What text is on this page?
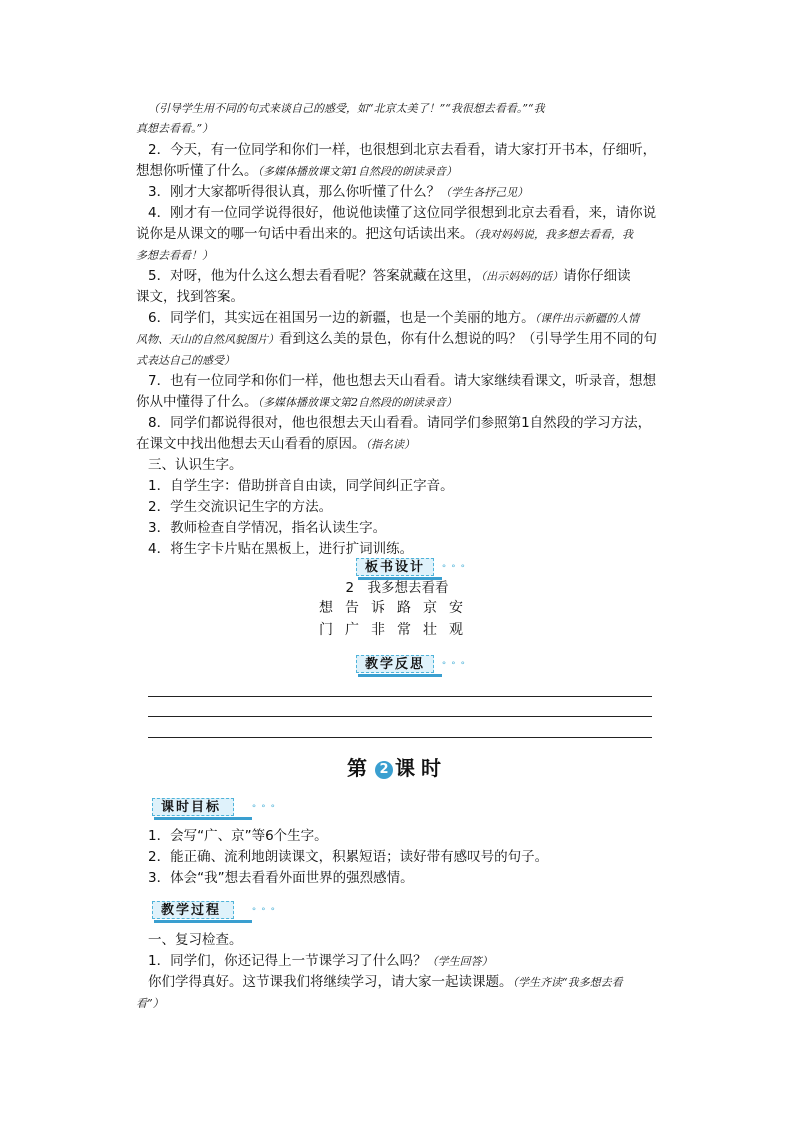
（引导学生用不同的句式来谈自己的感受，如“北京太美了！”“我很想去看看。”“我
真想去看看。”）
2．今天，有一位同学和你们一样，也很想到北京去看看，请大家打开书本，仔细听，
想想你听懂了什么。（多媒体播放课文第1自然段的朗读录音）
3．刚才大家都听得很认真，那么你听懂了什么？（学生各抒己见）
4．刚才有一位同学说得很好，他说他读懂了这位同学很想到北京去看看，来，请你说
说你是从课文的哪一句话中看出来的。把这句话读出来。（我对妈妈说，我多想去看看，我
多想去看看！）
5．对呀，他为什么这么想去看看呢？答案就藏在这里，（出示妈妈的话）请你仔细读
课文，找到答案。
6．同学们，其实远在祖国另一边的新疆，也是一个美丽的地方。（课件出示新疆的人情
风物、天山的自然风貌图片）看到这么美的景色，你有什么想说的吗？（引导学生用不同的句
式表达自己的感受）
7．也有一位同学和你们一样，他也想去天山看看。请大家继续看课文，听录音，想想
你从中懂得了什么。（多媒体播放课文第2自然段的朗读录音）
8．同学们都说得很对，他也很想去天山看看。请同学们参照第1自然段的学习方法，
在课文中找出他想去天山看看的原因。（指名读）
三、认识生字。
1．自学生字：借助拼音自由读，同学间纠正字音。
2．学生交流识记生字的方法。
3．教师检查自学情况，指名认读生字。
4．将生字卡片贴在黑板上，进行扩词训练。
板书设计	° ° °
2　我多想去看看
想告诉路京安
门广非常壮观
教学反思	° ° °
第 2 课时
课时目标	° ° °
1．会写“广、京”等6个生字。
2．能正确、流利地朗读课文，积累短语；读好带有感叹号的句子。
3．体会“我”想去看看外面世界的强烈感情。
教学过程	° ° °
一、复习检查。
1．同学们，你还记得上一节课学习了什么吗？（学生回答）
你们学得真好。这节课我们将继续学习，请大家一起读课题。（学生齐读“我多想去看
看”）
